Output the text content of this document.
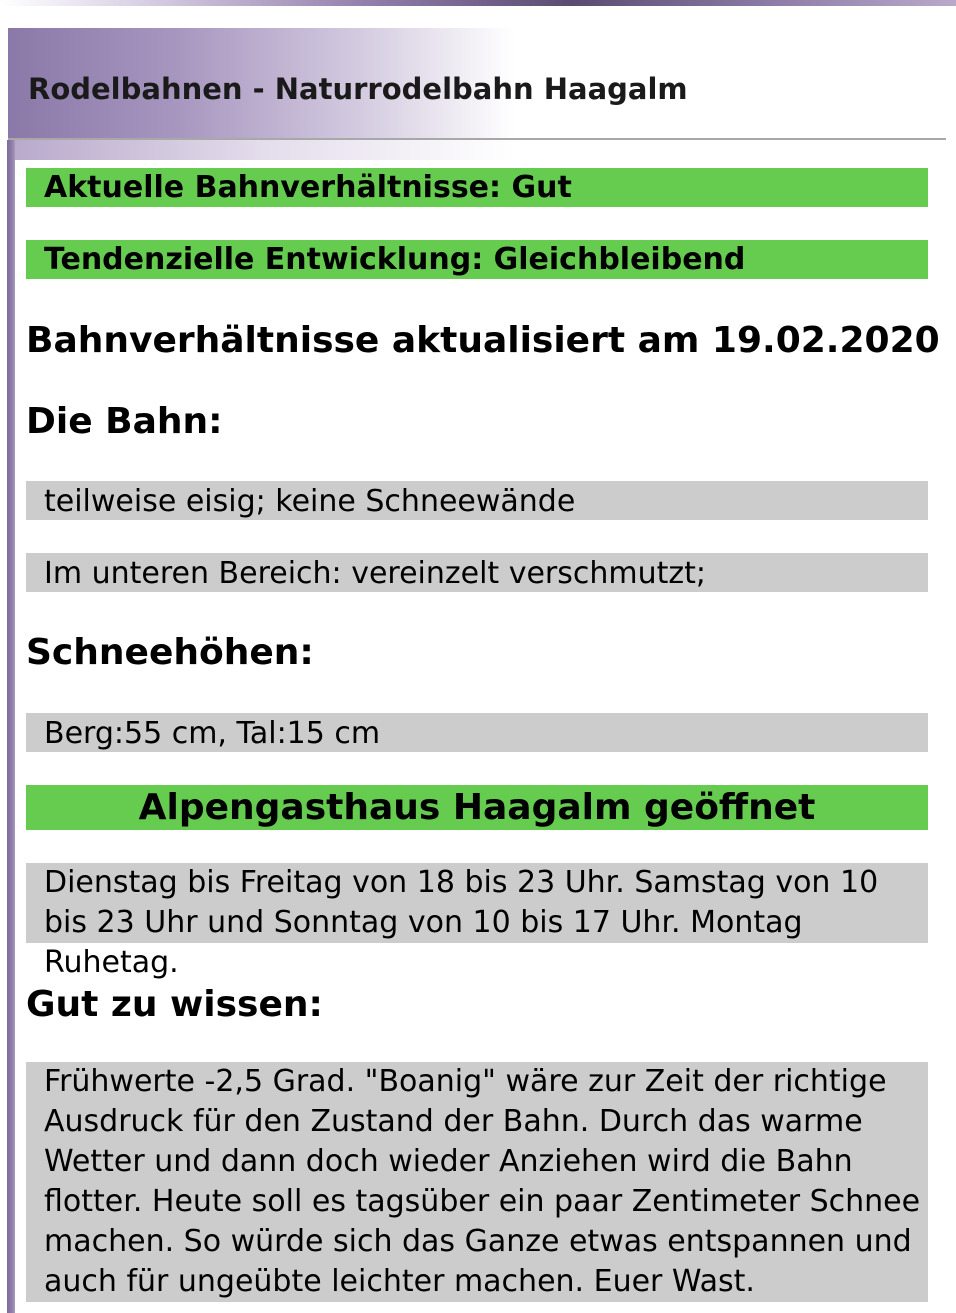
Rodelbahnen - Naturrodelbahn Haagalm
Aktuelle Bahnverhältnisse: Gut
Tendenzielle Entwicklung: Gleichbleibend
Bahnverhältnisse aktualisiert am 19.02.2020
Die Bahn:
teilweise eisig; keine Schneewände
Im unteren Bereich: vereinzelt verschmutzt;
Schneehöhen:
Berg:55 cm, Tal:15 cm
Alpengasthaus Haagalm geöffnet
Dienstag bis Freitag von 18 bis 23 Uhr. Samstag von 10 bis 23 Uhr und Sonntag von 10 bis 17 Uhr. Montag Ruhetag.
Gut zu wissen:
Frühwerte -2,5 Grad. "Boanig" wäre zur Zeit der richtige Ausdruck für den Zustand der Bahn. Durch das warme Wetter und dann doch wieder Anziehen wird die Bahn flotter. Heute soll es tagsüber ein paar Zentimeter Schnee machen. So würde sich das Ganze etwas entspannen und auch für ungeübte leichter machen. Euer Wast.
